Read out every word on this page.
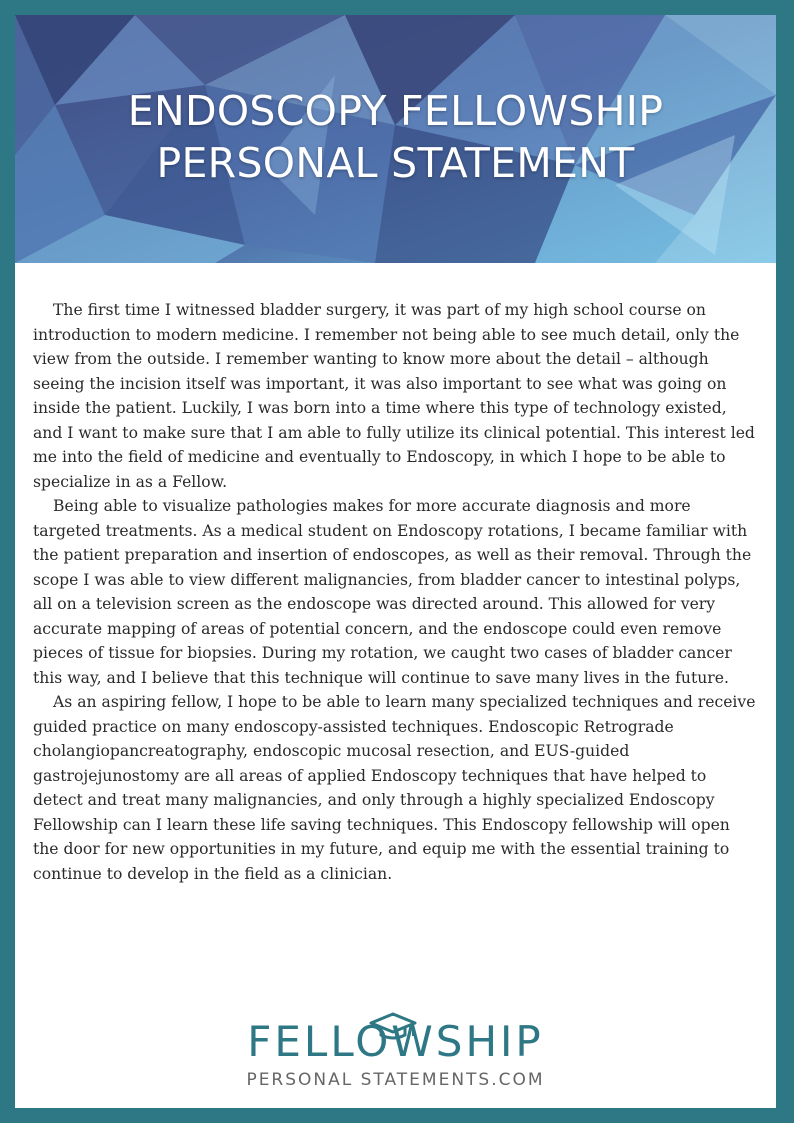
ENDOSCOPY FELLOWSHIP
PERSONAL STATEMENT

The first time I witnessed bladder surgery, it was part of my high school course on introduction to modern medicine. I remember not being able to see much detail, only the view from the outside. I remember wanting to know more about the detail – although seeing the incision itself was important, it was also important to see what was going on inside the patient. Luckily, I was born into a time where this type of technology existed, and I want to make sure that I am able to fully utilize its clinical potential. This interest led me into the field of medicine and eventually to Endoscopy, in which I hope to be able to specialize in as a Fellow.

Being able to visualize pathologies makes for more accurate diagnosis and more targeted treatments. As a medical student on Endoscopy rotations, I became familiar with the patient preparation and insertion of endoscopes, as well as their removal. Through the scope I was able to view different malignancies, from bladder cancer to intestinal polyps, all on a television screen as the endoscope was directed around. This allowed for very accurate mapping of areas of potential concern, and the endoscope could even remove pieces of tissue for biopsies. During my rotation, we caught two cases of bladder cancer this way, and I believe that this technique will continue to save many lives in the future.

As an aspiring fellow, I hope to be able to learn many specialized techniques and receive guided practice on many endoscopy-assisted techniques. Endoscopic Retrograde cholangiopancreatography, endoscopic mucosal resection, and EUS-guided gastrojejunostomy are all areas of applied Endoscopy techniques that have helped to detect and treat many malignancies, and only through a highly specialized Endoscopy Fellowship can I learn these life saving techniques. This Endoscopy fellowship will open the door for new opportunities in my future, and equip me with the essential training to continue to develop in the field as a clinician.

FELLOWSHIP
PERSONAL STATEMENTS.COM
